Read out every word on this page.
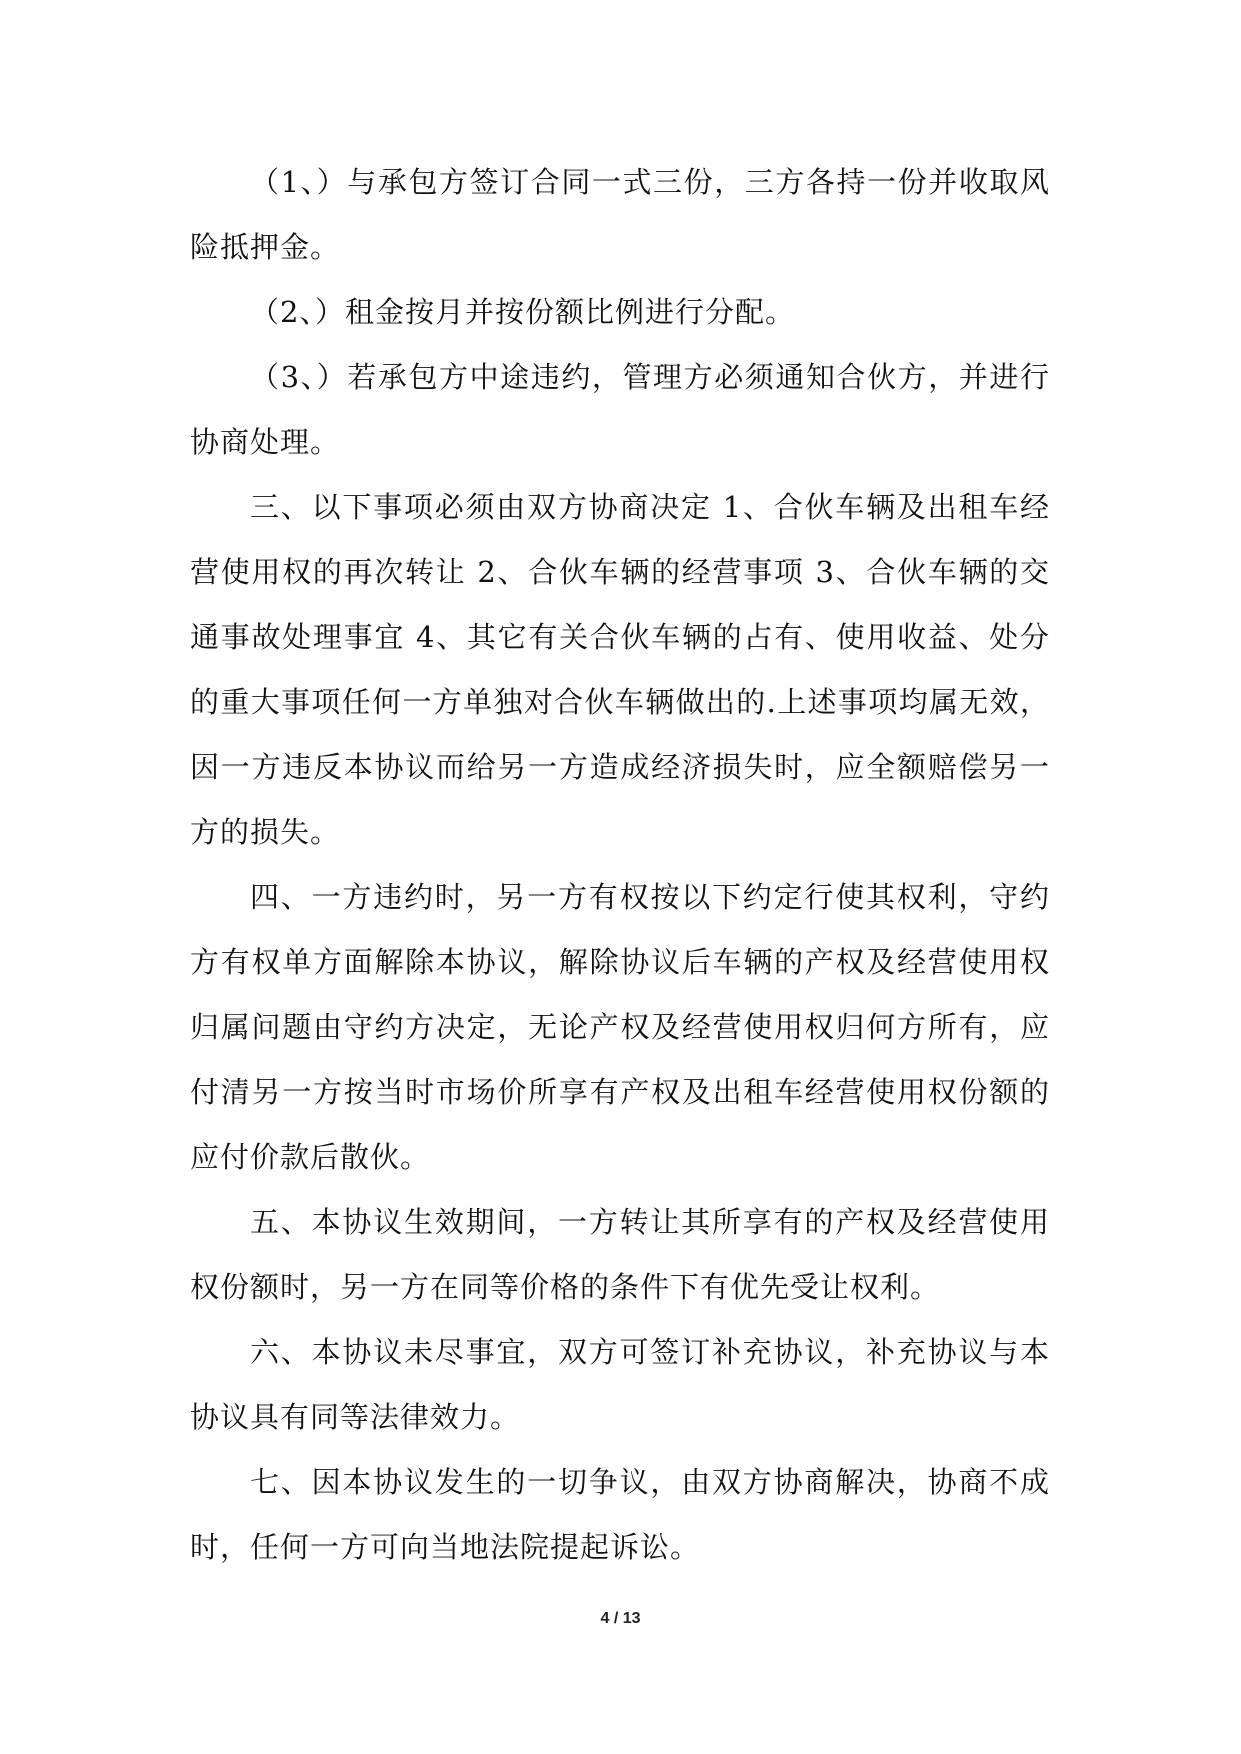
（1、）与承包方签订合同一式三份，三方各持一份并收取风险抵押金。

（2、）租金按月并按份额比例进行分配。

（3、）若承包方中途违约，管理方必须通知合伙方，并进行协商处理。

三、以下事项必须由双方协商决定 1、合伙车辆及出租车经营使用权的再次转让 2、合伙车辆的经营事项 3、合伙车辆的交通事故处理事宜 4、其它有关合伙车辆的占有、使用收益、处分的重大事项任何一方单独对合伙车辆做出的.上述事项均属无效，因一方违反本协议而给另一方造成经济损失时，应全额赔偿另一方的损失。

四、一方违约时，另一方有权按以下约定行使其权利，守约方有权单方面解除本协议，解除协议后车辆的产权及经营使用权归属问题由守约方决定，无论产权及经营使用权归何方所有，应付清另一方按当时市场价所享有产权及出租车经营使用权份额的应付价款后散伙。

五、本协议生效期间，一方转让其所享有的产权及经营使用权份额时，另一方在同等价格的条件下有优先受让权利。

六、本协议未尽事宜，双方可签订补充协议，补充协议与本协议具有同等法律效力。

七、因本协议发生的一切争议，由双方协商解决，协商不成时，任何一方可向当地法院提起诉讼。

4 / 13
